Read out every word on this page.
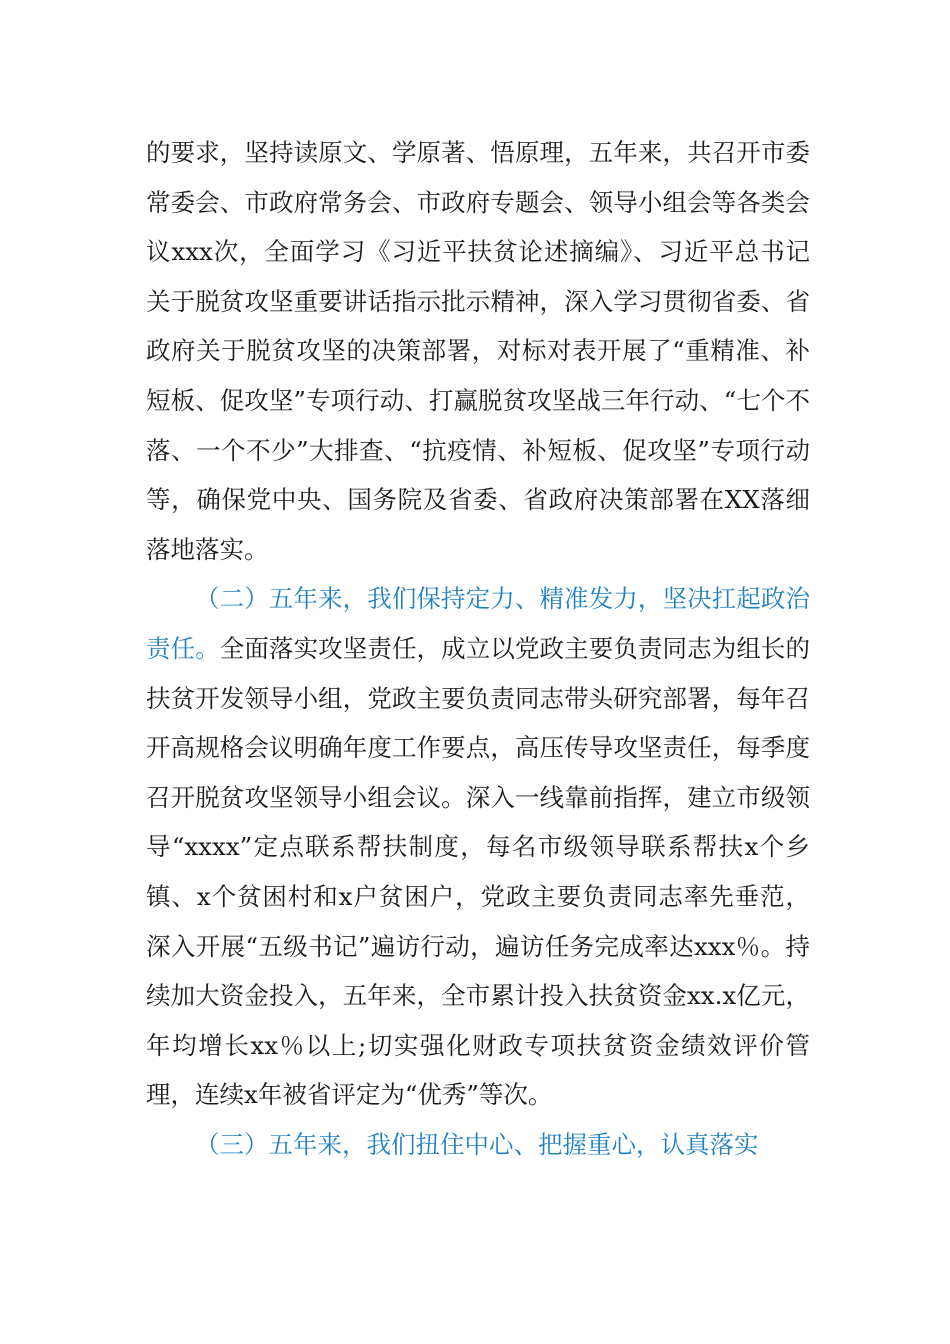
的要求，坚持读原文、学原著、悟原理，五年来，共召开市委常委会、市政府常务会、市政府专题会、领导小组会等各类会议xxx次，全面学习《习近平扶贫论述摘编》、习近平总书记关于脱贫攻坚重要讲话指示批示精神，深入学习贯彻省委、省政府关于脱贫攻坚的决策部署，对标对表开展了“重精准、补短板、促攻坚”专项行动、打赢脱贫攻坚战三年行动、“七个不落、一个不少”大排查、“抗疫情、补短板、促攻坚”专项行动等，确保党中央、国务院及省委、省政府决策部署在XX落细落地落实。

（二）五年来，我们保持定力、精准发力，坚决扛起政治责任。全面落实攻坚责任，成立以党政主要负责同志为组长的扶贫开发领导小组，党政主要负责同志带头研究部署，每年召开高规格会议明确年度工作要点，高压传导攻坚责任，每季度召开脱贫攻坚领导小组会议。深入一线靠前指挥，建立市级领导“xxxx”定点联系帮扶制度，每名市级领导联系帮扶x个乡镇、x个贫困村和x户贫困户，党政主要负责同志率先垂范，深入开展“五级书记”遍访行动，遍访任务完成率达xxx％。持续加大资金投入，五年来，全市累计投入扶贫资金xx.x亿元，年均增长xx％以上;切实强化财政专项扶贫资金绩效评价管理，连续x年被省评定为“优秀”等次。

（三）五年来，我们扭住中心、把握重心，认真落实
